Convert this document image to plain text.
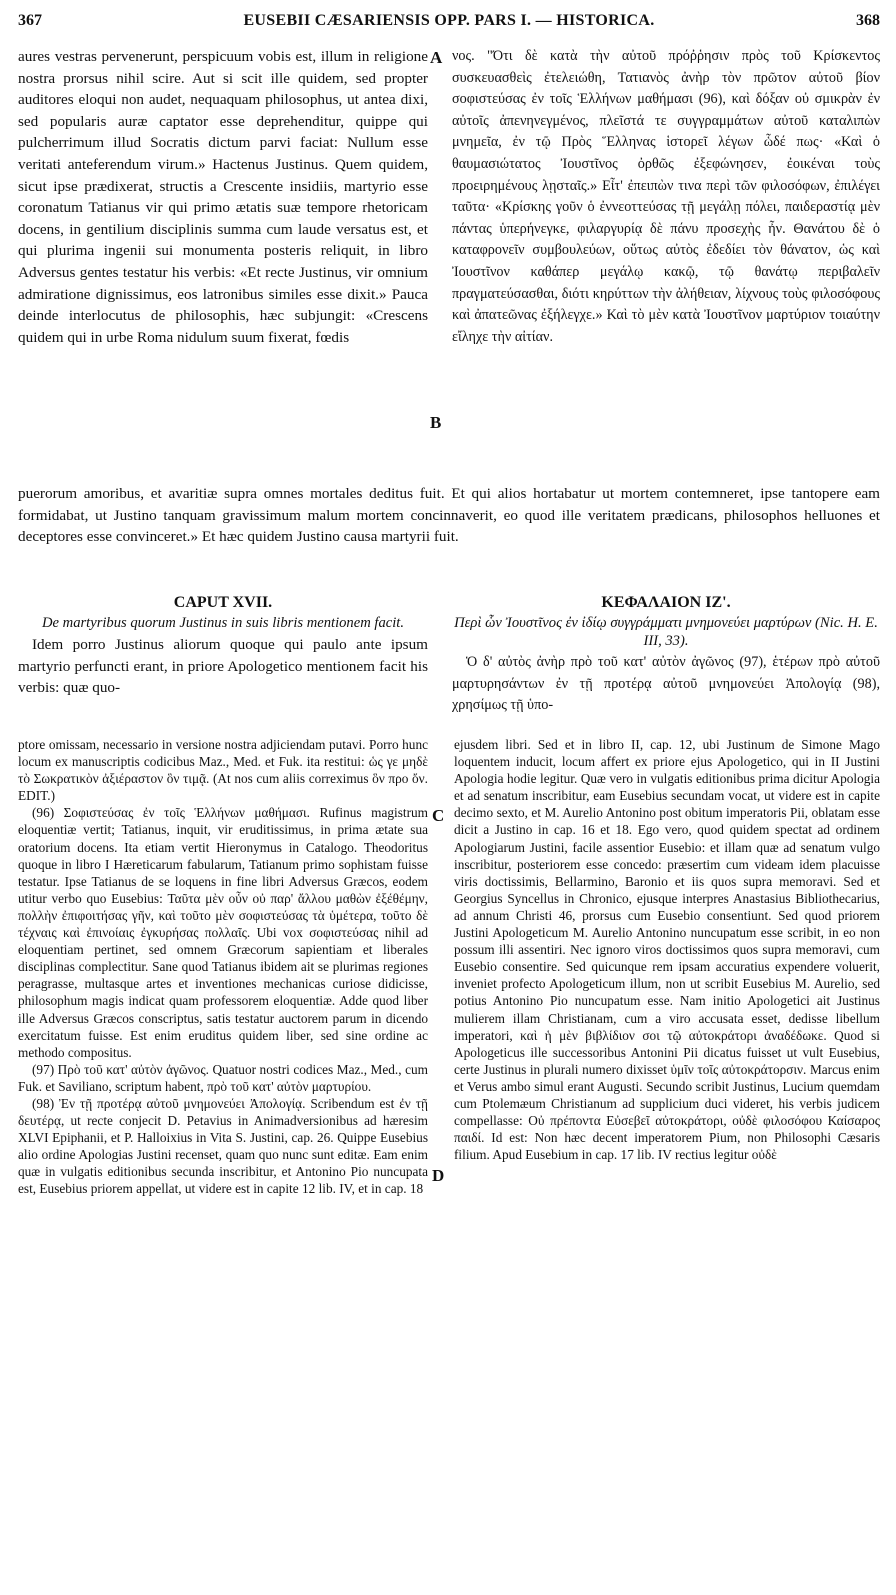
367	EUSEBII CÆSARIENSIS OPP. PARS I. — HISTORICA.	368

aures vestras pervenerunt, perspicuum vobis est, illum in religione nostra prorsus nihil scire. Aut si scit ille quidem, sed propter auditores eloqui non audet, nequaquam philosophus, ut antea dixi, sed popularis auræ captator esse deprehenditur, quippe qui pulcherrimum illud Socratis dictum parvi faciat: Nullum esse veritati anteferendum virum.» Hactenus Justinus. Quem quidem, sicut ipse prædixerat, structis a Crescente insidiis, martyrio esse coronatum Tatianus vir qui primo ætatis suæ tempore rhetoricam docens, in gentilium disciplinis summa cum laude versatus est, et qui plurima ingenii sui monumenta posteris reliquit, in libro Adversus gentes testatur his verbis: «Et recte Justinus, vir omnium admiratione dignissimus, eos latronibus similes esse dixit.» Pauca deinde interlocutus de philosophis, hæc subjungit: «Crescens quidem qui in urbe Roma nidulum suum fixerat, fœdis

A
B

νος. "Ότι δὲ κατὰ τὴν αὐτοῦ πρόῤῥησιν πρὸς τοῦ Κρίσκεντος συσκευασθεὶς ἐτελειώθη, Τατιανὸς ἀνὴρ τὸν πρῶτον αὐτοῦ βίον σοφιστεύσας ἐν τοῖς Ἑλλήνων μαθήμασι (96), καὶ δόξαν οὐ σμικρὰν ἐν αὐτοῖς ἀπενηνεγμένος, πλεῖστά τε συγγραμμάτων αὐτοῦ καταλιπὼν μνημεῖα, ἐν τῷ Πρὸς Ἕλληνας ἱστορεῖ λέγων ὧδέ πως· «Καὶ ὁ θαυμασιώτατος Ἰουστῖνος ὀρθῶς ἐξεφώνησεν, ἐοικέναι τοὺς προειρημένους λῃσταῖς.» Εἶτ' ἐπειπὼν τινα περὶ τῶν φιλοσόφων, ἐπιλέγει ταῦτα· «Κρίσκης γοῦν ὁ ἐννεοττεύσας τῇ μεγάλῃ πόλει, παιδεραστίᾳ μὲν πάντας ὑπερήνεγκε, φιλαργυρίᾳ δὲ πάνυ προσεχὴς ἦν. Θανάτου δὲ ὁ καταφρονεῖν συμβουλεύων, οὕτως αὐτὸς ἐδεδίει τὸν θάνατον, ὡς καὶ Ἰουστῖνον καθάπερ μεγάλῳ κακῷ, τῷ θανάτῳ περιβαλεῖν πραγματεύσασθαι, διότι κηρύττων τὴν ἀλήθειαν, λίχνους τοὺς φιλοσόφους καὶ ἀπατεῶνας ἐξήλεγχε.» Καὶ τὸ μὲν κατὰ Ἰουστῖνον μαρτύριον τοιαύτην εἴληχε τὴν αἰτίαν.

puerorum amoribus, et avaritiæ supra omnes mortales deditus fuit. Et qui alios hortabatur ut mortem contemneret, ipse tantopere eam formidabat, ut Justino tanquam gravissimum malum mortem concinnaverit, eo quod ille veritatem prædicans, philosophos helluones et deceptores esse convinceret.» Et hæc quidem Justino causa martyrii fuit.

CAPUT XVII.

De martyribus quorum Justinus in suis libris mentionem facit.

Idem porro Justinus aliorum quoque qui paulo ante ipsum martyrio perfuncti erant, in priore Apologetico mentionem facit his verbis: quæ quo-

ΚΕΦΑΛΑΙΟΝ ΙΖ'.

Περὶ ὧν Ἰουστῖνος ἐν ἰδίῳ συγγράμματι μνημονεύει μαρτύρων (Nic. H. E. III, 33).

Ὁ δ' αὐτὸς ἀνὴρ πρὸ τοῦ κατ' αὐτὸν ἀγῶνος (97), ἑτέρων πρὸ αὐτοῦ μαρτυρησάντων ἐν τῇ προτέρᾳ αὐτοῦ μνημονεύει Ἀπολογίᾳ (98), χρησίμως τῇ ὑπο-

ptore omissam, necessario in versione nostra adjiciendam putavi. Porro hunc locum ex manuscriptis codicibus Maz., Med. et Fuk. ita restitui: ὡς γε μηδὲ τὸ Σωκρατικὸν ἀξιέραστον ὃν τιμᾷ. (At nos cum aliis correximus ὃν προ ὄν. EDIT.)

(96) Σοφιστεύσας ἐν τοῖς Ἑλλήνων μαθήμασι. Rufinus magistrum eloquentiæ vertit; Tatianus, inquit, vir eruditissimus, in prima ætate sua oratorium docens. Ita etiam vertit Hieronymus in Catalogo. Theodoritus quoque in libro I Hæreticarum fabularum, Tatianum primo sophistam fuisse testatur. Ipse Tatianus de se loquens in fine libri Adversus Græcos, eodem utitur verbo quo Eusebius: Ταῦτα μὲν οὖν οὐ παρ' ἄλλου μαθὼν ἐξέθέμην, πολλὴν ἐπιφοιτήσας γῆν, καὶ τοῦτο μὲν σοφιστεύσας τὰ ὑμέτερα, τοῦτο δὲ τέχναις καὶ ἐπινοίαις ἐγκυρήσας πολλαῖς. Ubi vox σοφιστεύσας nihil ad eloquentiam pertinet, sed omnem Græcorum sapientiam et liberales disciplinas complectitur. Sane quod Tatianus ibidem ait se plurimas regiones peragrasse, multasque artes et inventiones mechanicas curiose didicisse, philosophum magis indicat quam professorem eloquentiæ. Adde quod liber ille Adversus Græcos conscriptus, satis testatur auctorem parum in dicendo exercitatum fuisse. Est enim eruditus quidem liber, sed sine ordine ac methodo compositus.

(97) Πρὸ τοῦ κατ' αὐτὸν ἀγῶνος. Quatuor nostri codices Maz., Med., cum Fuk. et Saviliano, scriptum habent, πρὸ τοῦ κατ' αὐτὸν μαρτυρίου.

(98) Ἐν τῇ προτέρᾳ αὐτοῦ μνημονεύει Ἀπολογίᾳ. Scribendum est ἐν τῇ δευτέρᾳ, ut recte conjecit D. Petavius in Animadversionibus ad hæresim XLVI Epiphanii, et P. Halloixius in Vita S. Justini, cap. 26. Quippe Eusebius alio ordine Apologias Justini recenset, quam quo nunc sunt editæ. Eam enim quæ in vulgatis editionibus secunda inscribitur, et Antonino Pio nuncupata est, Eusebius priorem appellat, ut videre est in capite 12 lib. IV, et in cap. 18

C
D

ejusdem libri. Sed et in libro II, cap. 12, ubi Justinum de Simone Mago loquentem inducit, locum affert ex priore ejus Apologetico, qui in II Justini Apologia hodie legitur. Quæ vero in vulgatis editionibus prima dicitur Apologia et ad senatum inscribitur, eam Eusebius secundam vocat, ut videre est in capite decimo sexto, et M. Aurelio Antonino post obitum imperatoris Pii, oblatam esse dicit a Justino in cap. 16 et 18. Ego vero, quod quidem spectat ad ordinem Apologiarum Justini, facile assentior Eusebio: et illam quæ ad senatum vulgo inscribitur, posteriorem esse concedo: præsertim cum videam idem placuisse viris doctissimis, Bellarmino, Baronio et iis quos supra memoravi. Sed et Georgius Syncellus in Chronico, ejusque interpres Anastasius Bibliothecarius, ad annum Christi 46, prorsus cum Eusebio consentiunt. Sed quod priorem Justini Apologeticum M. Aurelio Antonino nuncupatum esse scribit, in eo non possum illi assentiri. Nec ignoro viros doctissimos quos supra memoravi, cum Eusebio consentire. Sed quicunque rem ipsam accuratius expendere voluerit, inveniet profecto Apologeticum illum, non ut scribit Eusebius M. Aurelio, sed potius Antonino Pio nuncupatum esse. Nam initio Apologetici ait Justinus mulierem illam Christianam, cum a viro accusata esset, dedisse libellum imperatori, καὶ ἡ μὲν βιβλίδιον σοι τῷ αὐτοκράτορι ἀναδέδωκε. Quod si Apologeticus ille successoribus Antonini Pii dicatus fuisset ut vult Eusebius, certe Justinus in plurali numero dixisset ὑμῖν τοῖς αὐτοκράτορσιν. Marcus enim et Verus ambo simul erant Augusti. Secundo scribit Justinus, Lucium quemdam cum Ptolemæum Christianum ad supplicium duci videret, his verbis judicem compellasse: Οὐ πρέποντα Εὐσεβεῖ αὐτοκράτορι, οὐδὲ φιλοσόφου Καίσαρος παιδί. Id est: Non hæc decent imperatorem Pium, non Philosophi Cæsaris filium. Apud Eusebium in cap. 17 lib. IV rectius legitur οὐδὲ
